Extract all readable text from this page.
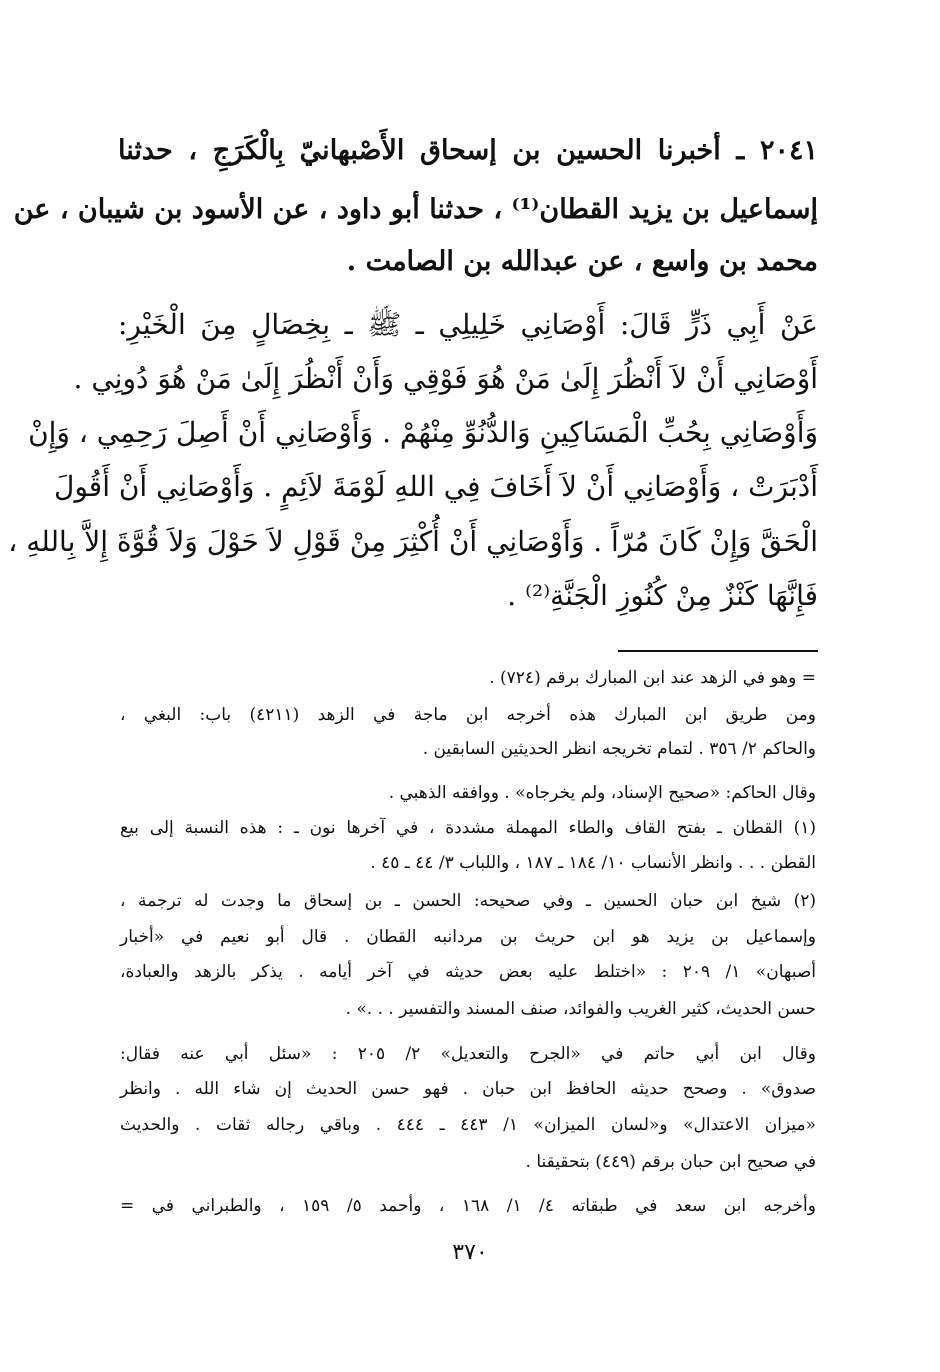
٢٠٤١ ـ أخبرنا الحسين بن إسحاق الأَصْبهانيّ بِالْكَرَجِ ، حدثنا
إسماعيل بن يزيد القطان⁽¹⁾ ، حدثنا أبو داود ، عن الأسود بن شيبان ، عن
محمد بن واسع ، عن عبدالله بن الصامت .
عَنْ أَبِي ذَرٍّ قَالَ: أَوْصَانِي خَلِيلِي ـ ﷺ ـ بِخِصَالٍ مِنَ الْخَيْرِ:
أَوْصَانِي أَنْ لاَ أَنْظُرَ إِلَىٰ مَنْ هُوَ فَوْقِي وَأَنْ أَنْظُرَ إِلَىٰ مَنْ هُوَ دُونِي .
وَأَوْصَانِي بِحُبِّ الْمَسَاكِينِ وَالدُّنُوِّ مِنْهُمْ . وَأَوْصَانِي أَنْ أَصِلَ رَحِمِي ، وَإِنْ
أَدْبَرَتْ ، وَأَوْصَانِي أَنْ لاَ أَخَافَ فِي اللهِ لَوْمَةَ لاَئِمٍ . وَأَوْصَانِي أَنْ أَقُولَ
الْحَقَّ وَإِنْ كَانَ مُرّاً . وَأَوْصَانِي أَنْ أُكْثِرَ مِنْ قَوْلِ لاَ حَوْلَ وَلاَ قُوَّةَ إِلاَّ بِاللهِ ،
فَإِنَّهَا كَنْزٌ مِنْ كُنُوزِ الْجَنَّةِ⁽²⁾ .
= وهو في الزهد عند ابن المبارك برقم (٧٢٤) .
ومن طريق ابن المبارك هذه أخرجه ابن ماجة في الزهد (٤٢١١) باب: البغي ،
والحاكم ٢/ ٣٥٦ . لتمام تخريجه انظر الحديثين السابقين .
وقال الحاكم: «صحيح الإسناد، ولم يخرجاه» . ووافقه الذهبي .
(١) القطان ـ بفتح القاف والطاء المهملة مشددة ، في آخرها نون ـ : هذه النسبة إلى بيع
القطن . . . وانظر الأنساب ١٠/ ١٨٤ ـ ١٨٧ ، واللباب ٣/ ٤٤ ـ ٤٥ .
(٢) شيخ ابن حبان الحسين ـ وفي صحيحه: الحسن ـ بن إسحاق ما وجدت له ترجمة ،
وإسماعيل بن يزيد هو ابن حريث بن مردانبه القطان . قال أبو نعيم في «أخبار
أصبهان» ١/ ٢٠٩ : «اختلط عليه بعض حديثه في آخر أيامه . يذكر بالزهد والعبادة،
حسن الحديث، كثير الغريب والفوائد، صنف المسند والتفسير . . .» .
وقال ابن أبي حاتم في «الجرح والتعديل» ٢/ ٢٠٥ : «سئل أبي عنه فقال:
صدوق» . وصحح حديثه الحافظ ابن حبان . فهو حسن الحديث إن شاء الله . وانظر
«ميزان الاعتدال» و«لسان الميزان» ١/ ٤٤٣ ـ ٤٤٤ . وباقي رجاله ثقات . والحديث
في صحيح ابن حبان برقم (٤٤٩) بتحقيقنا .
وأخرجه ابن سعد في طبقاته ٤/ ١/ ١٦٨ ، وأحمد ٥/ ١٥٩ ، والطبراني في =
٣٧٠
